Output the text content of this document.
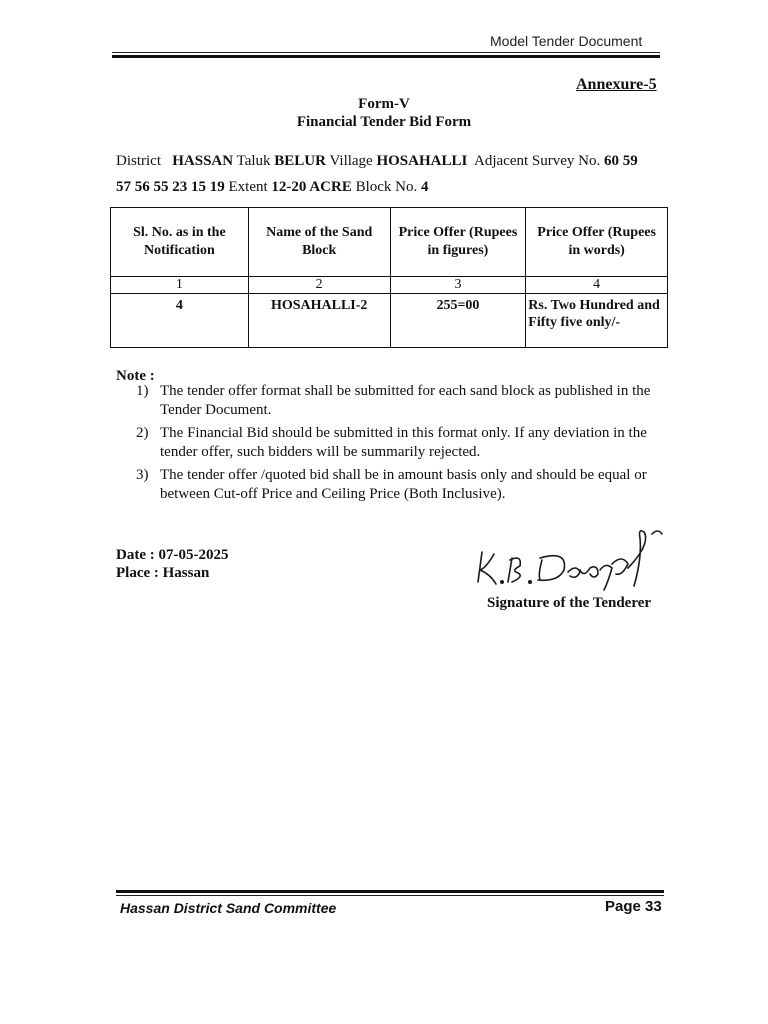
Model Tender Document
Annexure-5
Form-V
Financial Tender Bid Form
District HASSAN Taluk BELUR Village HOSAHALLI Adjacent Survey No. 60 59
57 56 55 23 15 19 Extent 12-20 ACRE Block No. 4
Sl. No. as in the Notification	Name of the Sand Block	Price Offer (Rupees in figures)	Price Offer (Rupees in words)
1	2	3	4
4	HOSAHALLI-2	255=00	Rs. Two Hundred and Fifty five only/-
Note :
1) The tender offer format shall be submitted for each sand block as published in the Tender Document.
2) The Financial Bid should be submitted in this format only. If any deviation in the tender offer, such bidders will be summarily rejected.
3) The tender offer /quoted bid shall be in amount basis only and should be equal or between Cut-off Price and Ceiling Price (Both Inclusive).
Date : 07-05-2025
Place : Hassan
Signature of the Tenderer
Hassan District Sand Committee	Page 33
